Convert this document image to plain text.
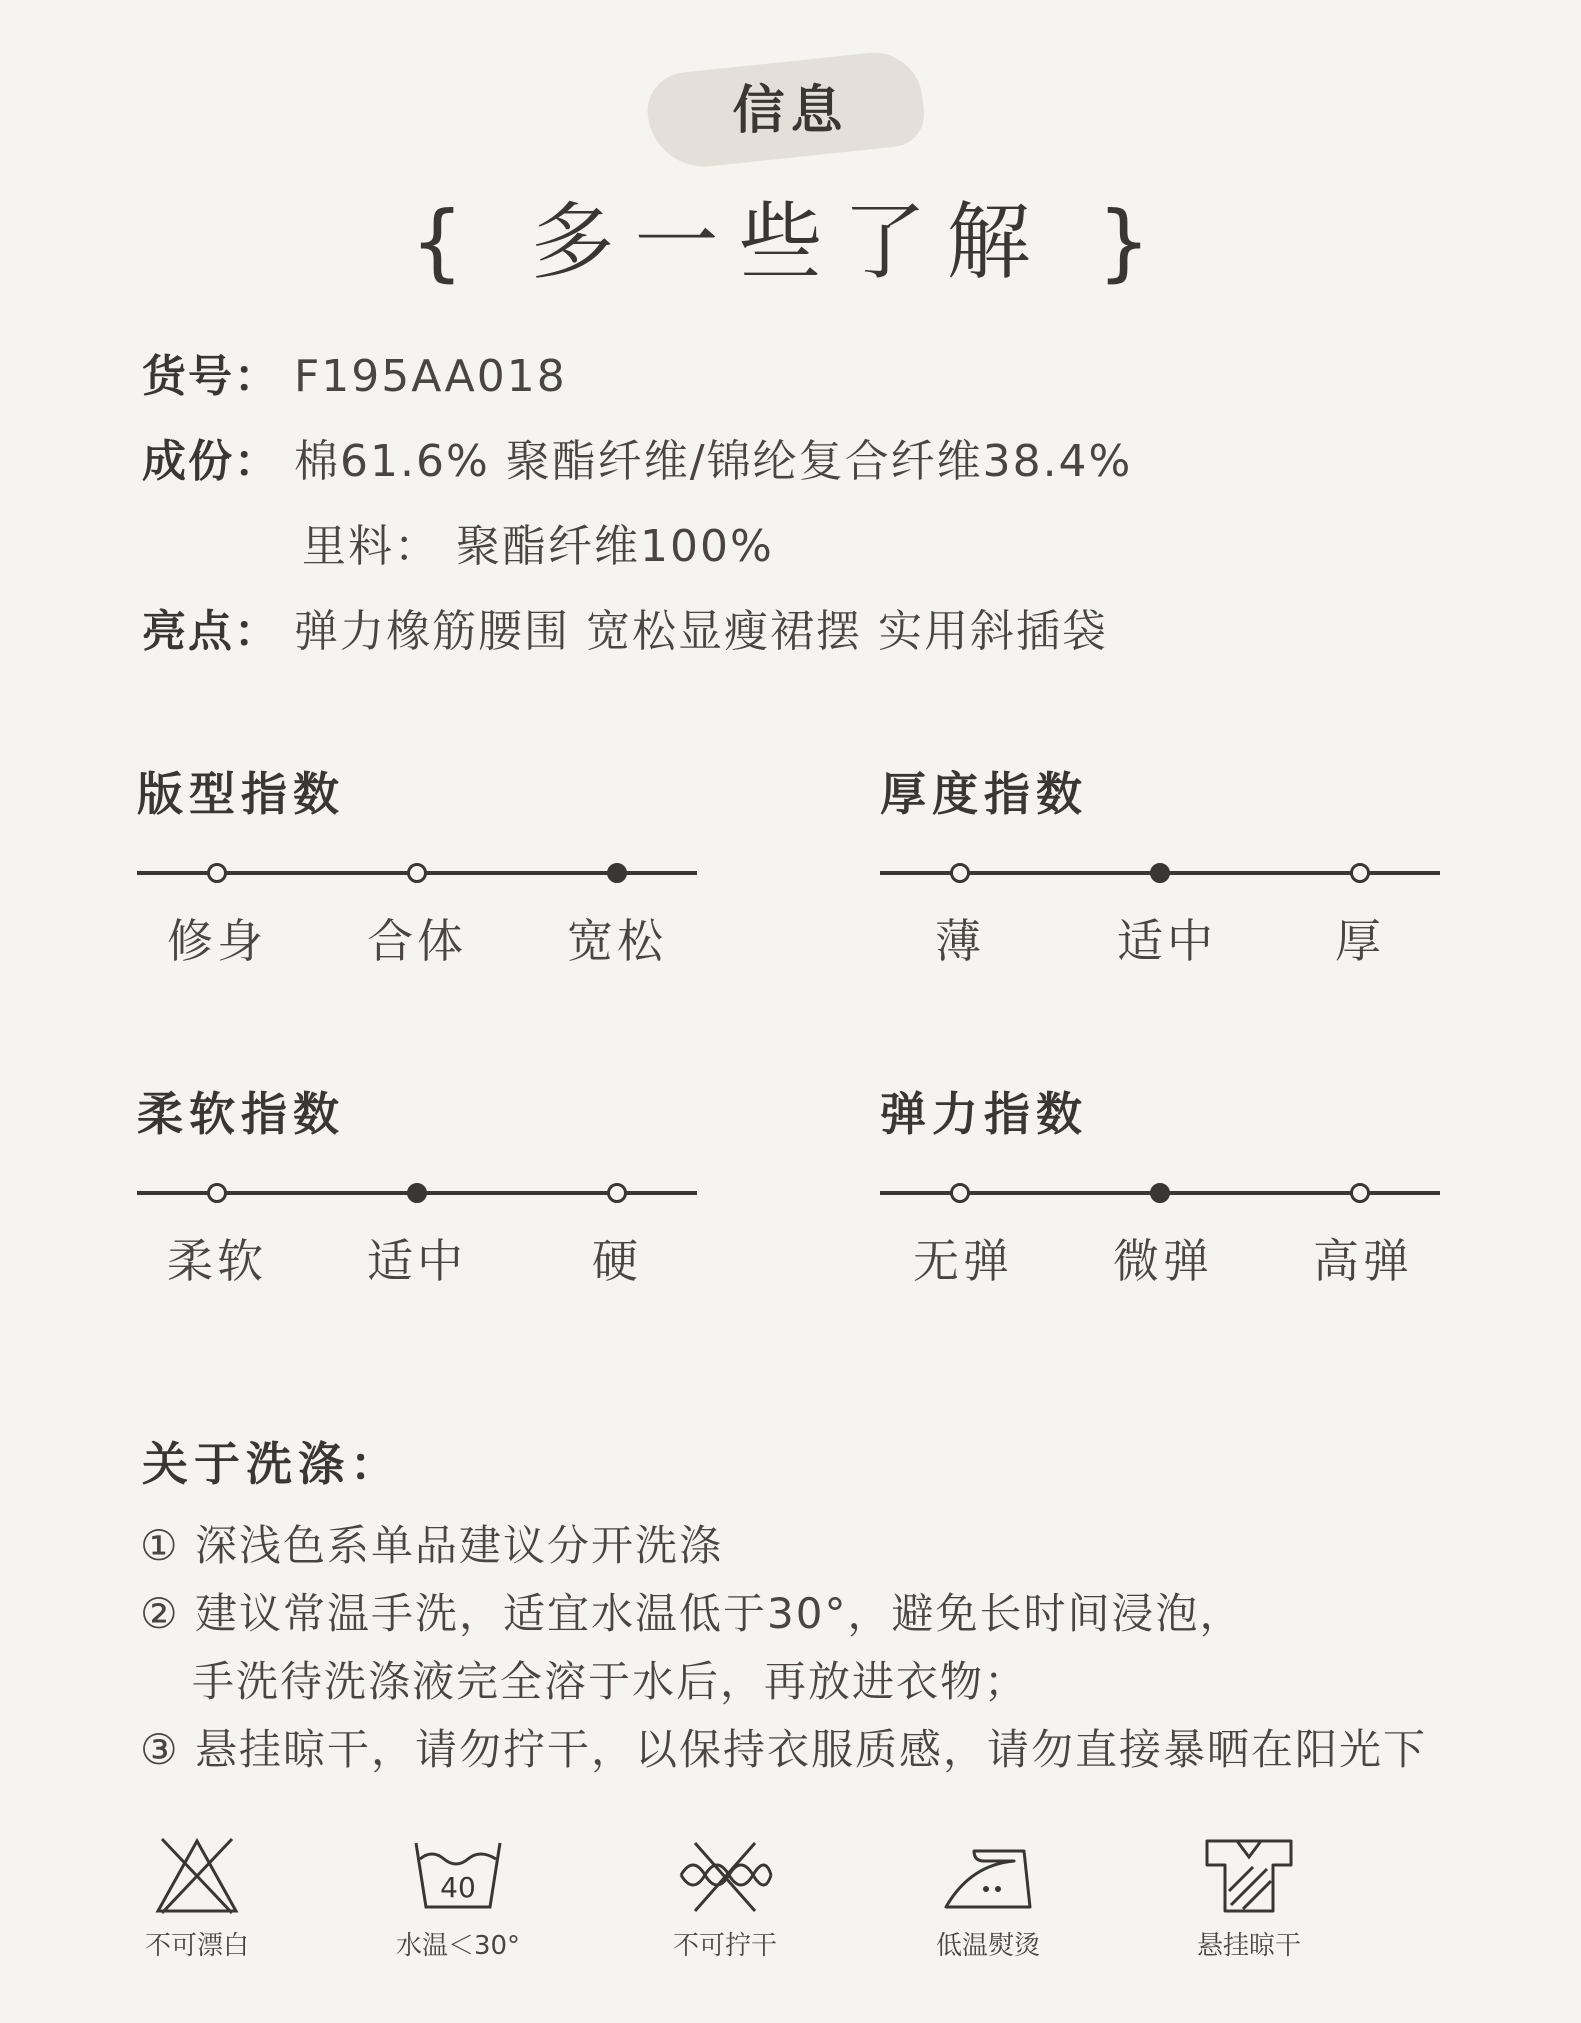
信息
{ 多一些了解 }
货号： F195AA018
成份： 棉61.6% 聚酯纤维/锦纶复合纤维38.4%
里料： 聚酯纤维100%
亮点： 弹力橡筋腰围 宽松显瘦裙摆 实用斜插袋
版型指数
修身	合体	宽松
厚度指数
薄	适中	厚
柔软指数
柔软	适中	硬
弹力指数
无弹	微弹	高弹
关于洗涤：
① 深浅色系单品建议分开洗涤
② 建议常温手洗，适宜水温低于30°，避免长时间浸泡，
手洗待洗涤液完全溶于水后，再放进衣物；
③ 悬挂晾干，请勿拧干，以保持衣服质感，请勿直接暴晒在阳光下
不可漂白
40
水温＜30°	不可拧干	低温熨烫	悬挂晾干
